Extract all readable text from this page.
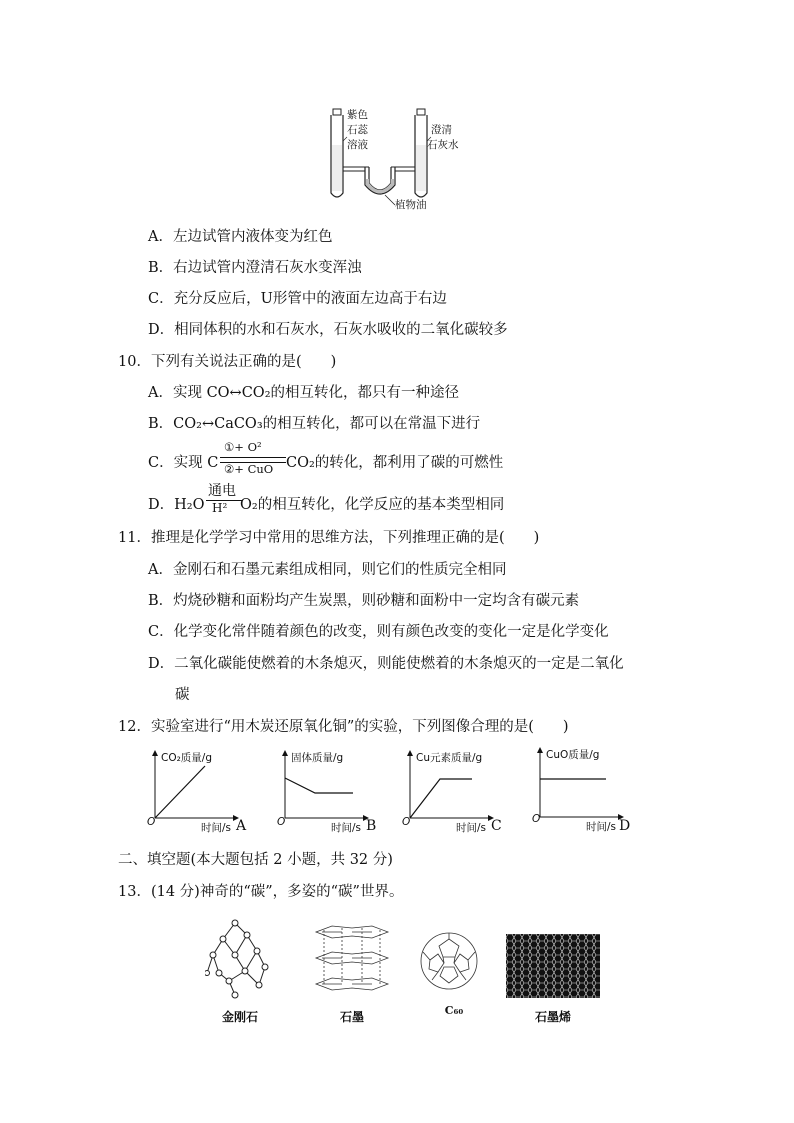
紫色
石蕊
溶液
澄清
石灰水
植物油
A．左边试管内液体变为红色
B．右边试管内澄清石灰水变浑浊
C．充分反应后，U形管中的液面左边高于右边
D．相同体积的水和石灰水，石灰水吸收的二氧化碳较多
10．下列有关说法正确的是(　　)
A．实现 CO↔CO₂的相互转化，都只有一种途径
B．CO₂↔CaCO₃的相互转化，都可以在常温下进行
C．实现 C
①+ O²
②+ CuO CO₂的转化，都利用了碳的可燃性
D．H₂O
通电
H² O₂的相互转化，化学反应的基本类型相同
11．推理是化学学习中常用的思维方法，下列推理正确的是(　　)
A．金刚石和石墨元素组成相同，则它们的性质完全相同
B．灼烧砂糖和面粉均产生炭黑，则砂糖和面粉中一定均含有碳元素
C．化学变化常伴随着颜色的改变，则有颜色改变的变化一定是化学变化
D．二氧化碳能使燃着的木条熄灭，则能使燃着的木条熄灭的一定是二氧化
碳
12．实验室进行“用木炭还原氧化铜”的实验，下列图像合理的是(　　)
CO₂质量/g
O	时间/s A
固体质量/g
O	时间/s B
Cu元素质量/g
O	时间/s C
CuO质量/g
O
时间/s D
二、填空题(本大题包括 2 小题，共 32 分)
13．(14 分)神奇的“碳”，多姿的“碳”世界。
金刚石	石墨	C₆₀	石墨烯
